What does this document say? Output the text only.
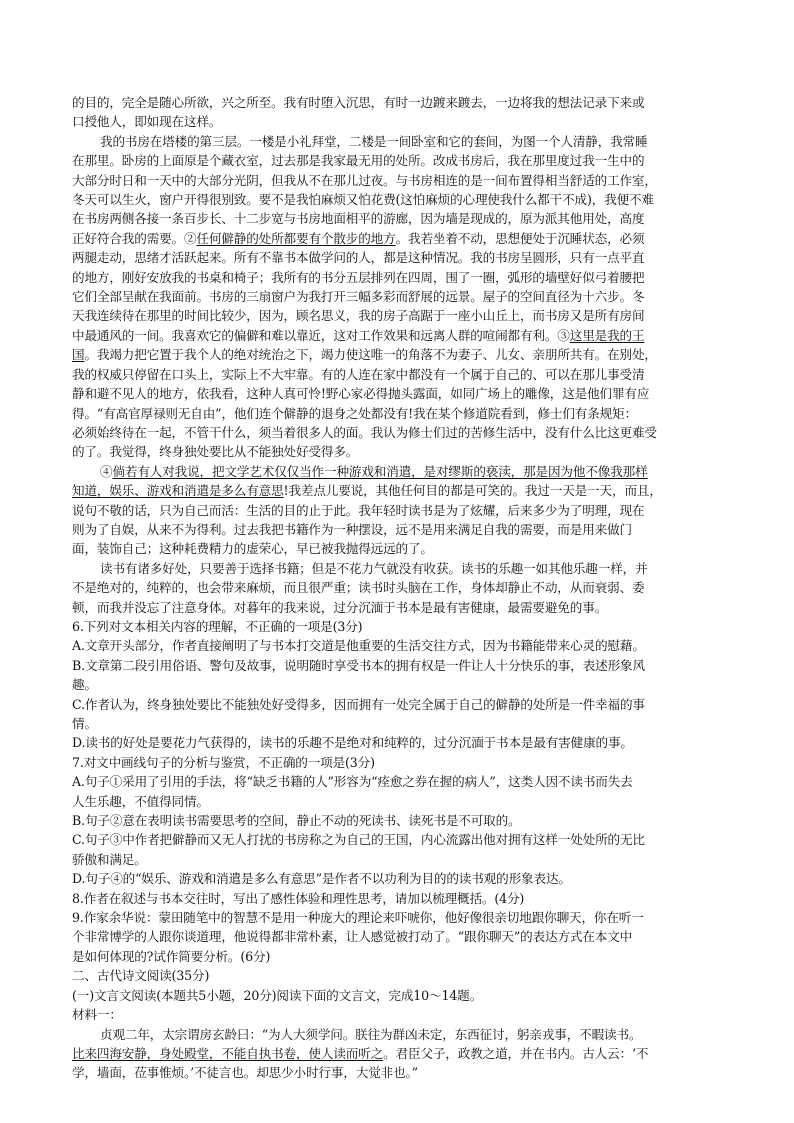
的目的，完全是随心所欲，兴之所至。我有时堕入沉思，有时一边踱来踱去，一边将我的想法记录下来或
口授他人，即如现在这样。
我的书房在塔楼的第三层。一楼是小礼拜堂，二楼是一间卧室和它的套间，为图一个人清静，我常睡
在那里。卧房的上面原是个藏衣室，过去那是我家最无用的处所。改成书房后，我在那里度过我一生中的
大部分时日和一天中的大部分光阴，但我从不在那儿过夜。与书房相连的是一间布置得相当舒适的工作室，
冬天可以生火，窗户开得很别致。要不是我怕麻烦又怕花费(这怕麻烦的心理使我什么都干不成)，我便不难
在书房两侧各接一条百步长、十二步宽与书房地面相平的游廊，因为墙是现成的，原为派其他用处，高度
正好符合我的需要。②任何僻静的处所都要有个散步的地方。我若坐着不动，思想便处于沉睡状态，必须
两腿走动，思绪才活跃起来。所有不靠书本做学问的人，都是这种情况。我的书房呈圆形，只有一点平直
的地方，刚好安放我的书桌和椅子；我所有的书分五层排列在四周，围了一圈，弧形的墙壁好似弓着腰把
它们全部呈献在我面前。书房的三扇窗户为我打开三幅多彩而舒展的远景。屋子的空间直径为十六步。冬
天我连续待在那里的时间比较少，因为，顾名思义，我的房子高踞于一座小山丘上，而书房又是所有房间
中最通风的一间。我喜欢它的偏僻和难以靠近，这对工作效果和远离人群的喧闹都有利。③这里是我的王
国。我竭力把它置于我个人的绝对统治之下，竭力使这唯一的角落不为妻子、儿女、亲朋所共有。在别处，
我的权威只停留在口头上，实际上不大牢靠。有的人连在家中都没有一个属于自己的、可以在那儿事受清
静和避不见人的地方，依我看，这种人真可怜!野心家必得抛头露面，如同广场上的雕像，这是他们罪有应
得。“有高官厚禄则无自由”，他们连个僻静的退身之处都没有!我在某个修道院看到，修士们有条规矩：
必须始终待在一起，不管干什么，须当着很多人的面。我认为修士们过的苦修生活中，没有什么比这更难受
的了。我觉得，终身独处要比从不能独处好受得多。
④倘若有人对我说，把文学艺术仅仅当作一种游戏和消遣，是对缪斯的亵渎，那是因为他不像我那样
知道，娱乐、游戏和消遣是多么有意思!我差点儿要说，其他任何目的都是可笑的。我过一天是一天，而且，
说句不敬的话，只为自己而活：生活的目的止于此。我年轻时读书是为了炫耀，后来多少为了明理，现在
则为了自娱，从来不为得利。过去我把书籍作为一种摆设，远不是用来满足自我的需要，而是用来做门
面，装饰自己；这种耗费精力的虚荣心，早已被我抛得远远的了。
读书有诸多好处，只要善于选择书籍；但是不花力气就没有收获。读书的乐趣一如其他乐趣一样，并
不是绝对的，纯粹的，也会带来麻烦，而且很严重；读书时头脑在工作，身体却静止不动，从而衰弱、委
顿，而我并没忘了注意身体。对暮年的我来说，过分沉湎于书本是最有害健康，最需要避免的事。
6.下列对文本相关内容的理解，不正确的一项是(3分)
A.文章开头部分，作者直接阐明了与书本打交道是他重要的生活交往方式，因为书籍能带来心灵的慰藉。
B.文章第二段引用俗语、警句及故事，说明随时享受书本的拥有权是一件让人十分快乐的事，表述形象风
趣。
C.作者认为，终身独处要比不能独处好受得多，因而拥有一处完全属于自己的僻静的处所是一件幸福的事
情。
D.读书的好处是要花力气获得的，读书的乐趣不是绝对和纯粹的，过分沉湎于书本是最有害健康的事。
7.对文中画线句子的分析与鉴赏，不正确的一项是(3分)
A.句子①采用了引用的手法，将“缺乏书籍的人”形容为“痊愈之券在握的病人”，这类人因不读书而失去
人生乐趣，不值得同情。
B.句子②意在表明读书需要思考的空间，静止不动的死读书、读死书是不可取的。
C.句子③中作者把僻静而又无人打扰的书房称之为自己的王国，内心流露出他对拥有这样一处处所的无比
骄傲和满足。
D.句子④的“娱乐、游戏和消遣是多么有意思”是作者不以功利为目的的读书观的形象表达。
8.作者在叙述与书本交往时，写出了感性体验和理性思考，请加以梳理概括。(4分)
9.作家余华说：蒙田随笔中的智慧不是用一种庞大的理论来吓唬你，他好像很亲切地跟你聊天，你在听一
个非常博学的人跟你谈道理，他说得都非常朴素，让人感觉被打动了。“跟你聊天”的表达方式在本文中
是如何体现的?试作简要分析。(6分)
二、古代诗文阅读(35分)
(一)文言文阅读(本题共5小题，20分)阅读下面的文言文，完成10～14题。
材料一：
贞观二年，太宗谓房玄龄曰：“为人大须学问。朕往为群凶未定，东西征讨，躬亲戎事，不暇读书。
比来四海安静，身处殿堂，不能自执书卷，使人读而听之。君臣父子，政教之道，并在书内。古人云：‘不
学，墙面，莅事惟烦。’不徒言也。却思少小时行事，大觉非也。”
